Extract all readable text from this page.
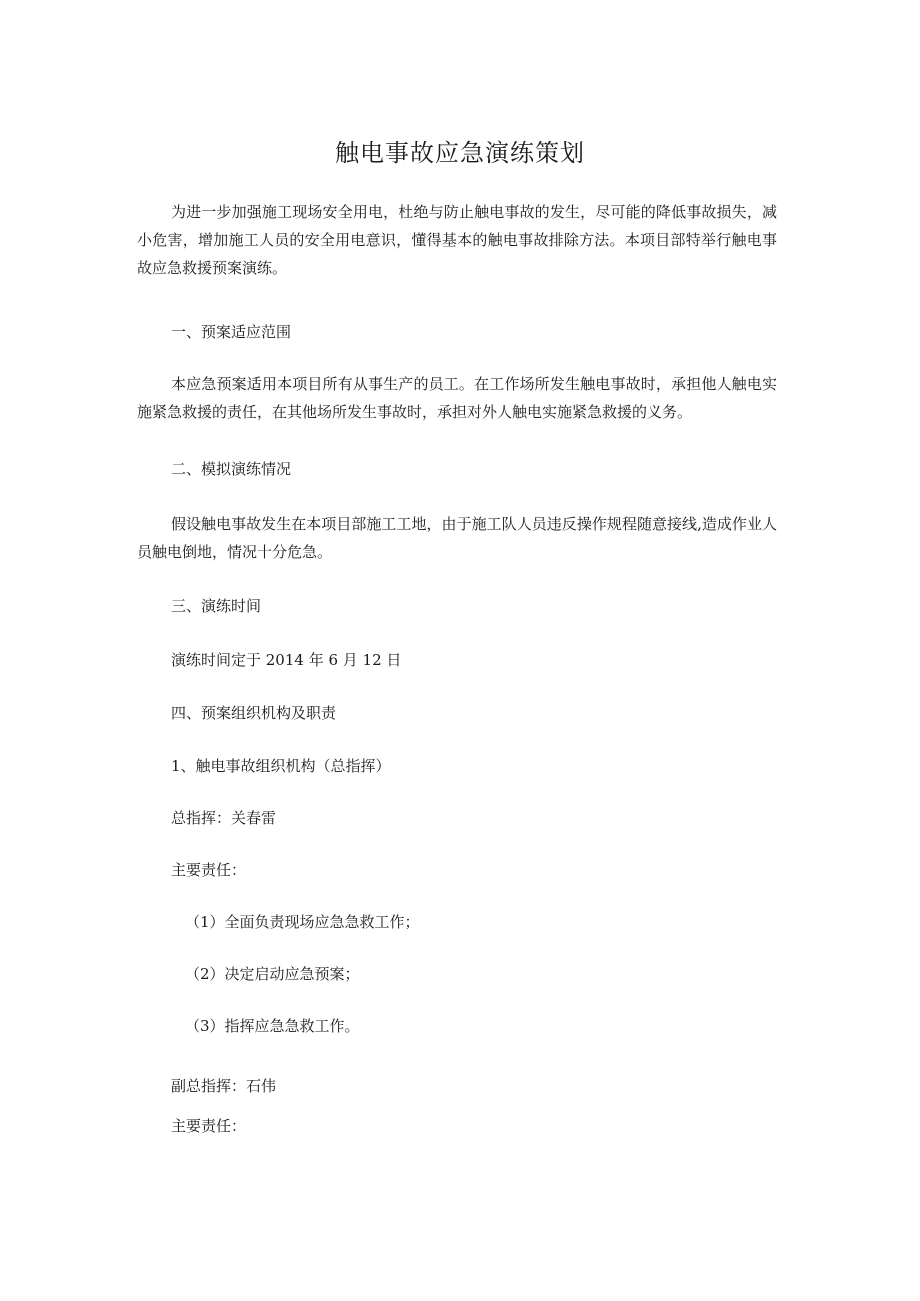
触电事故应急演练策划
为进一步加强施工现场安全用电，杜绝与防止触电事故的发生，尽可能的降低事故损失，减小危害，增加施工人员的安全用电意识，懂得基本的触电事故排除方法。本项目部特举行触电事故应急救援预案演练。
一、预案适应范围
本应急预案适用本项目所有从事生产的员工。在工作场所发生触电事故时，承担他人触电实施紧急救援的责任，在其他场所发生事故时，承担对外人触电实施紧急救援的义务。
二、模拟演练情况
假设触电事故发生在本项目部施工工地，由于施工队人员违反操作规程随意接线,造成作业人员触电倒地，情况十分危急。
三、演练时间
演练时间定于 2014 年 6 月 12 日
四、预案组织机构及职责
1、触电事故组织机构（总指挥）
总指挥：关春雷
主要责任：
（1）全面负责现场应急急救工作；
（2）决定启动应急预案；
（3）指挥应急急救工作。
副总指挥：石伟
主要责任：
